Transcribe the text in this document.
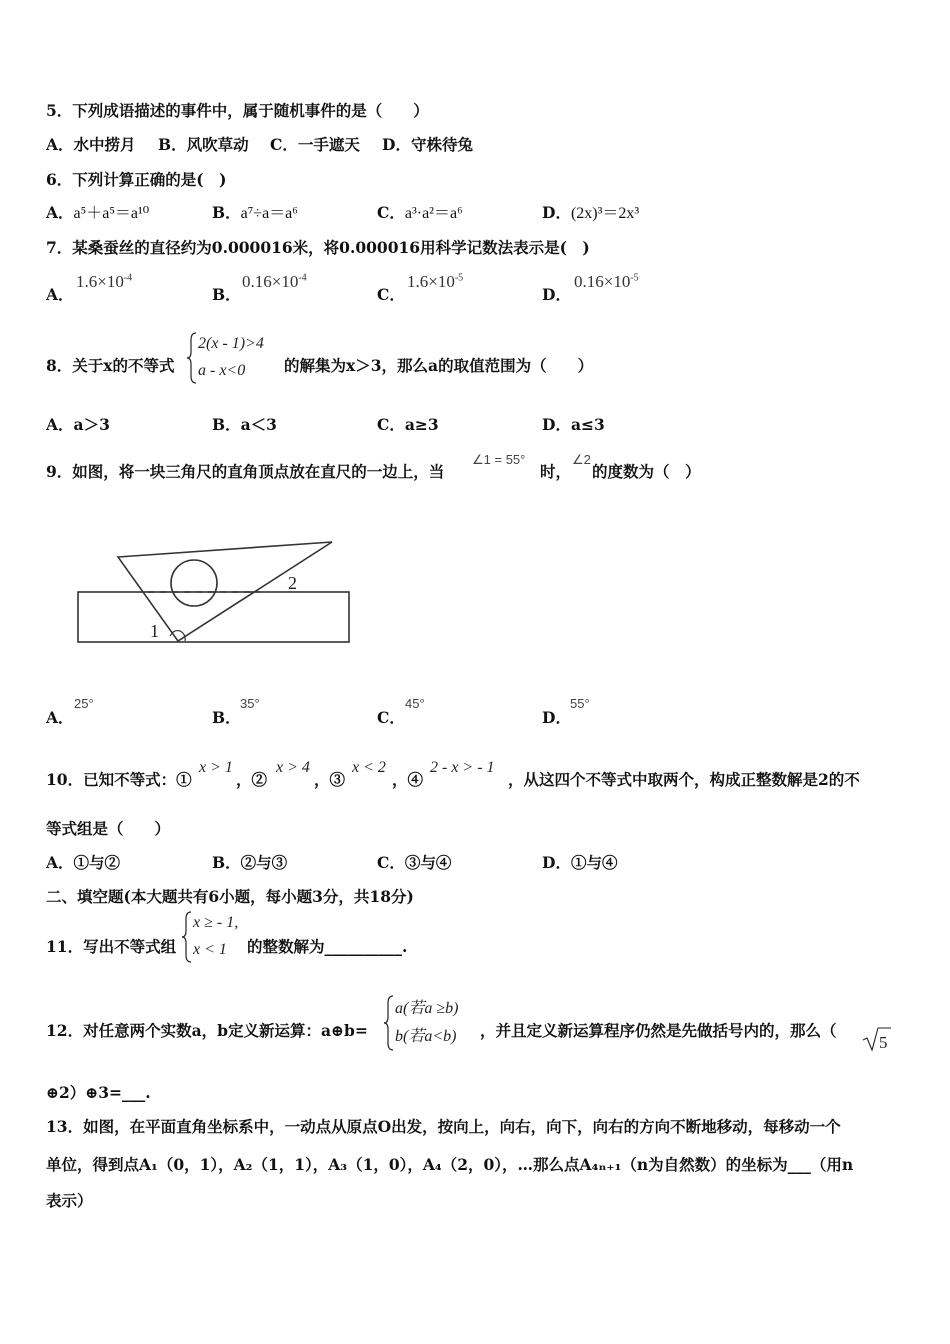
5．下列成语描述的事件中，属于随机事件的是（　　）
A．水中捞月 B．风吹草动 C．一手遮天 D．守株待兔
6．下列计算正确的是(　)
A．a⁵＋a⁵＝a¹⁰	B．a⁷÷a＝a⁶	C．a³·a²＝a⁶	D．(2x)³＝2x³
7．某桑蚕丝的直径约为0.000016米，将0.000016用科学记数法表示是(　)
A．
$1.6\times 10^{-4}$
B．
$0.16\times 10^{-4}$
C．
$1.6\times 10^{-5}$
D．
$0.16\times 10^{-5}$
8．关于x的不等式
2(x - 1)>4
a - x<0	的解集为x＞3，那么a的取值范围为（　　）
A．a＞3	B．a＜3	C．a≥3	D．a≤3
9．如图，将一块三角尺的直角顶点放在直尺的一边上，当
∠1 = 55°
时，
∠2
的度数为（　）
1
2
A．
25°
B．
35°
C．
45°
D．
55°
10．已知不等式：①
x > 1
，②
x > 4
，③
x < 2
，④
2 - x > - 1
，从这四个不等式中取两个，构成正整数解是2的不
等式组是（　　）
A．①与②	B．②与③	C．③与④	D．①与④
二、填空题(本大题共有6小题，每小题3分，共18分)
11．写出不等式组
x ≥ - 1,
x < 1	的整数解为__________.
12．对任意两个实数a，b定义新运算：a⊕b=
a(若a ≥b)
b(若a<b) ，并且定义新运算程序仍然是先做括号内的，那么（
5
⊕2）⊕3=___.
13．如图，在平面直角坐标系中，一动点从原点O出发，按向上，向右，向下，向右的方向不断地移动，每移动一个
单位，得到点A₁（0，1），A₂（1，1），A₃（1，0），A₄（2，0），…那么点A₄ₙ₊₁（n为自然数）的坐标为___（用n
表示）
